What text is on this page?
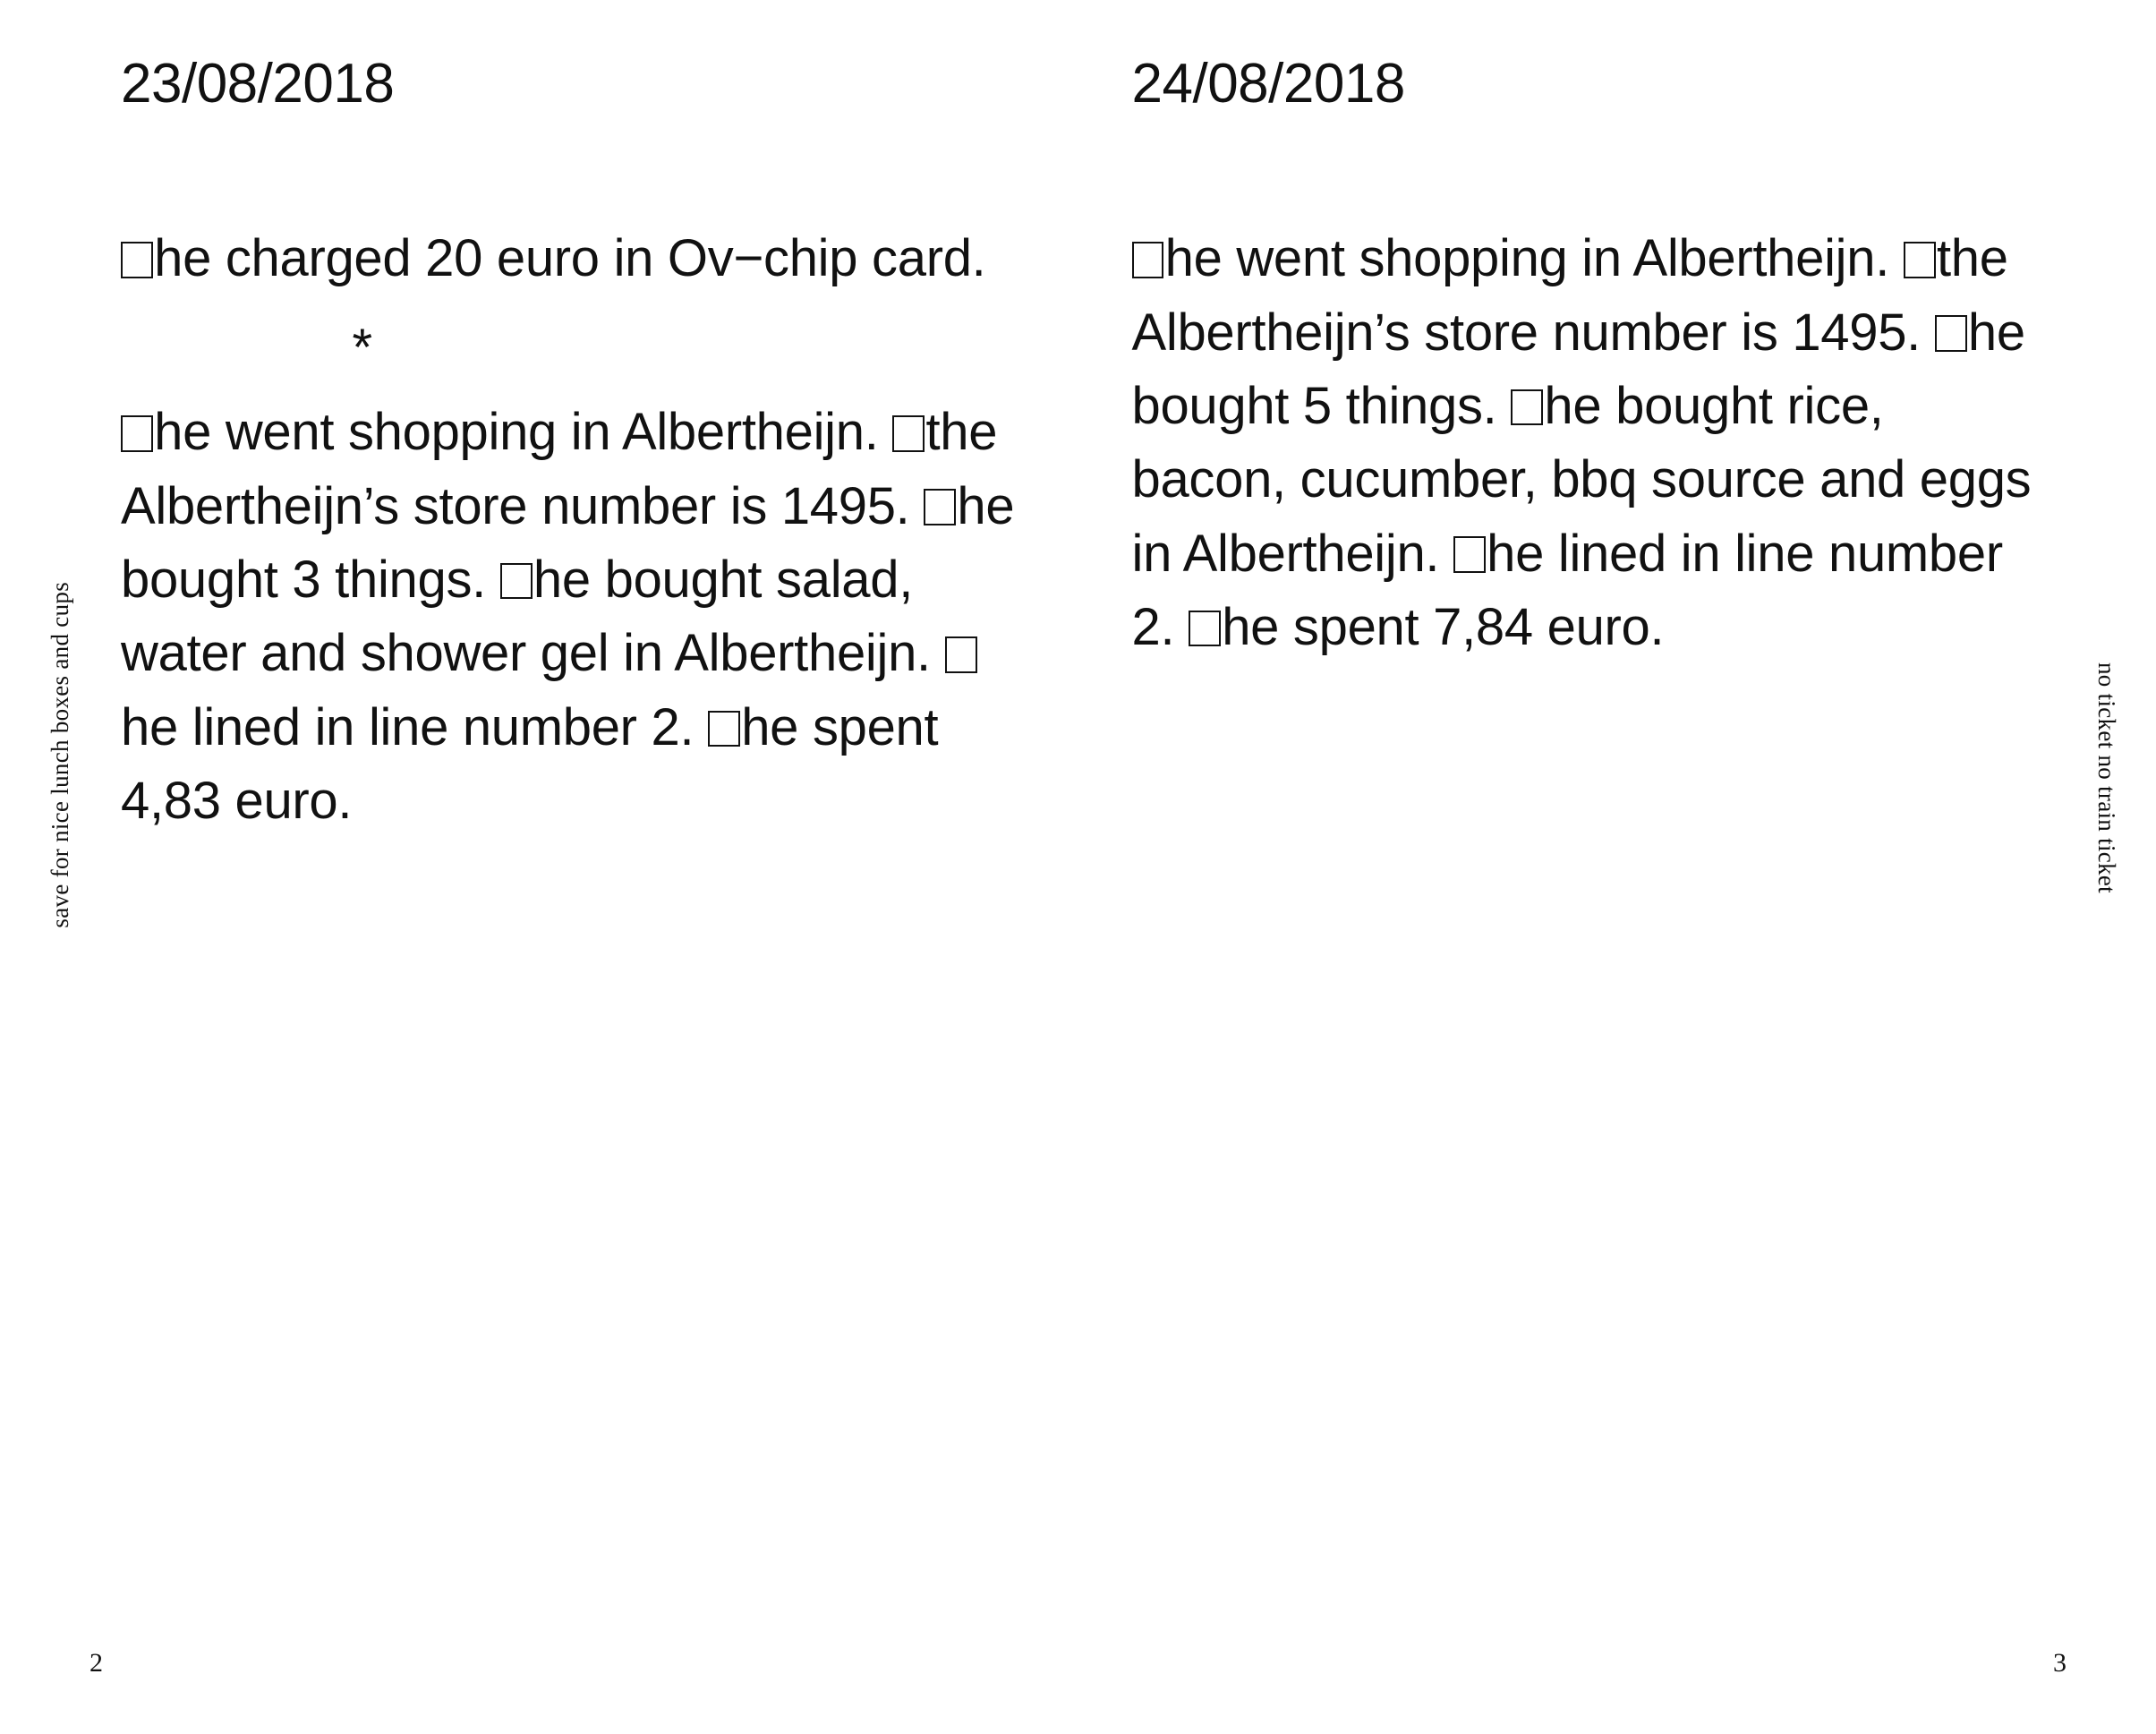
23/08/2018
he charged 20 euro in Ov−chip card.
*
he went shopping in Albertheijn. the Albertheijn’s store number is 1495. he bought 3 things. he bought salad, water and shower gel in Albertheijn. he lined in line number 2. he spent 4,83 euro.
save for nice lunch boxes and cups
2
24/08/2018
he went shopping in Albertheijn. the Albertheijn’s store number is 1495. he bought 5 things. he bought rice, bacon, cucumber, bbq source and eggs in Albertheijn. he lined in line number 2. he spent 7,84 euro.
no ticket no train ticket
3
